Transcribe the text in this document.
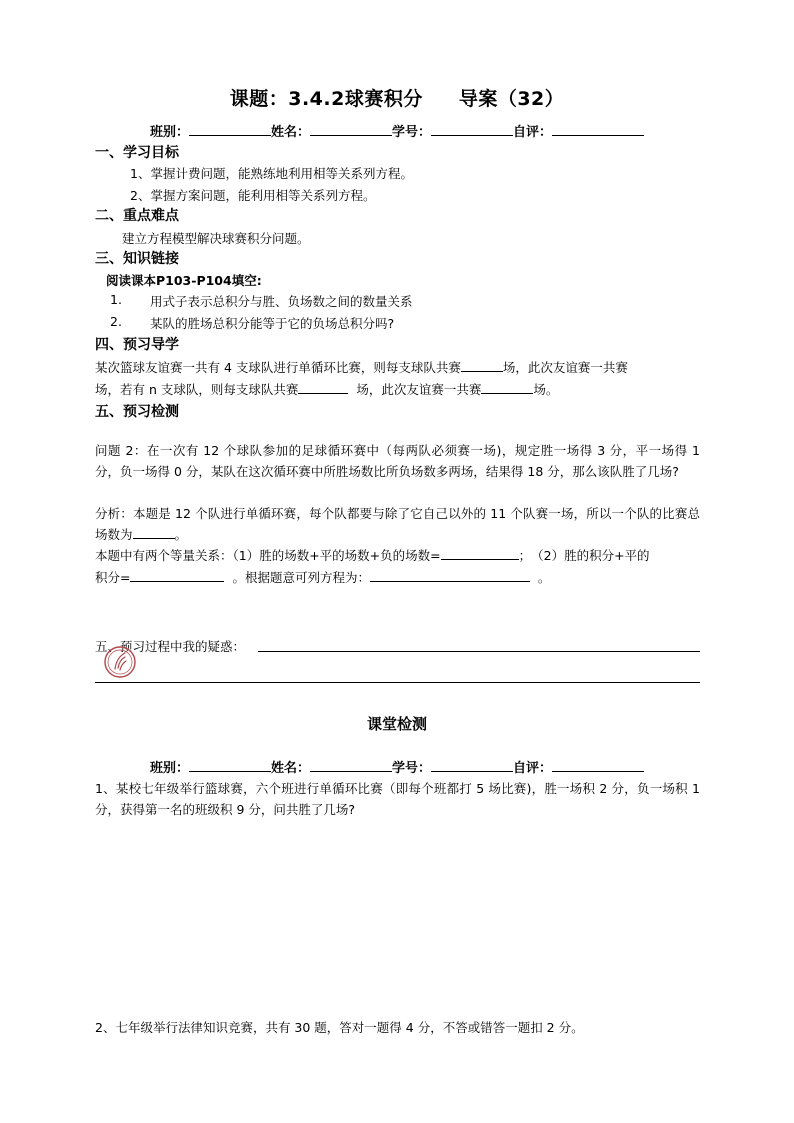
课题：3.4.2球赛积分 导案（32）
班别：	姓名：	学号：	自评：
一、学习目标
1、掌握计费问题，能熟练地利用相等关系列方程。
2、掌握方案问题，能利用相等关系列方程。
二、重点难点
建立方程模型解决球赛积分问题。
三、知识链接
阅读课本P103-P104填空:
1. 用式子表示总积分与胜、负场数之间的数量关系
2. 某队的胜场总积分能等于它的负场总积分吗?
四、预习导学
某次篮球友谊赛一共有 4 支球队进行单循环比赛，则每支球队共赛	场，此次友谊赛一共赛
场，若有 n 支球队，则每支球队共赛	场，此次友谊赛一共赛	场。
五、预习检测
问题 2：在一次有 12 个球队参加的足球循环赛中（每两队必须赛一场)，规定胜一场得 3 分，平一场得 1 分，负一场得 0 分，某队在这次循环赛中所胜场数比所负场数多两场，结果得 18 分，那么该队胜了几场?
分析：本题是 12 个队进行单循环赛，每个队都要与除了它自己以外的 11 个队赛一场，所以一个队的比赛总场数为	。
本题中有两个等量关系：（1）胜的场数+平的场数+负的场数=	；　（2）胜的积分+平的
积分=	。根据题意可列方程为：	。
五、预习过程中我的疑惑：
课堂检测
班别：	姓名：	学号：	自评：
1、某校七年级举行篮球赛，六个班进行单循环比赛（即每个班都打 5 场比赛)，胜一场积 2 分，负一场积 1 分，获得第一名的班级积 9 分，问共胜了几场?
2、七年级举行法律知识竞赛，共有 30 题，答对一题得 4 分，不答或错答一题扣 2 分。
